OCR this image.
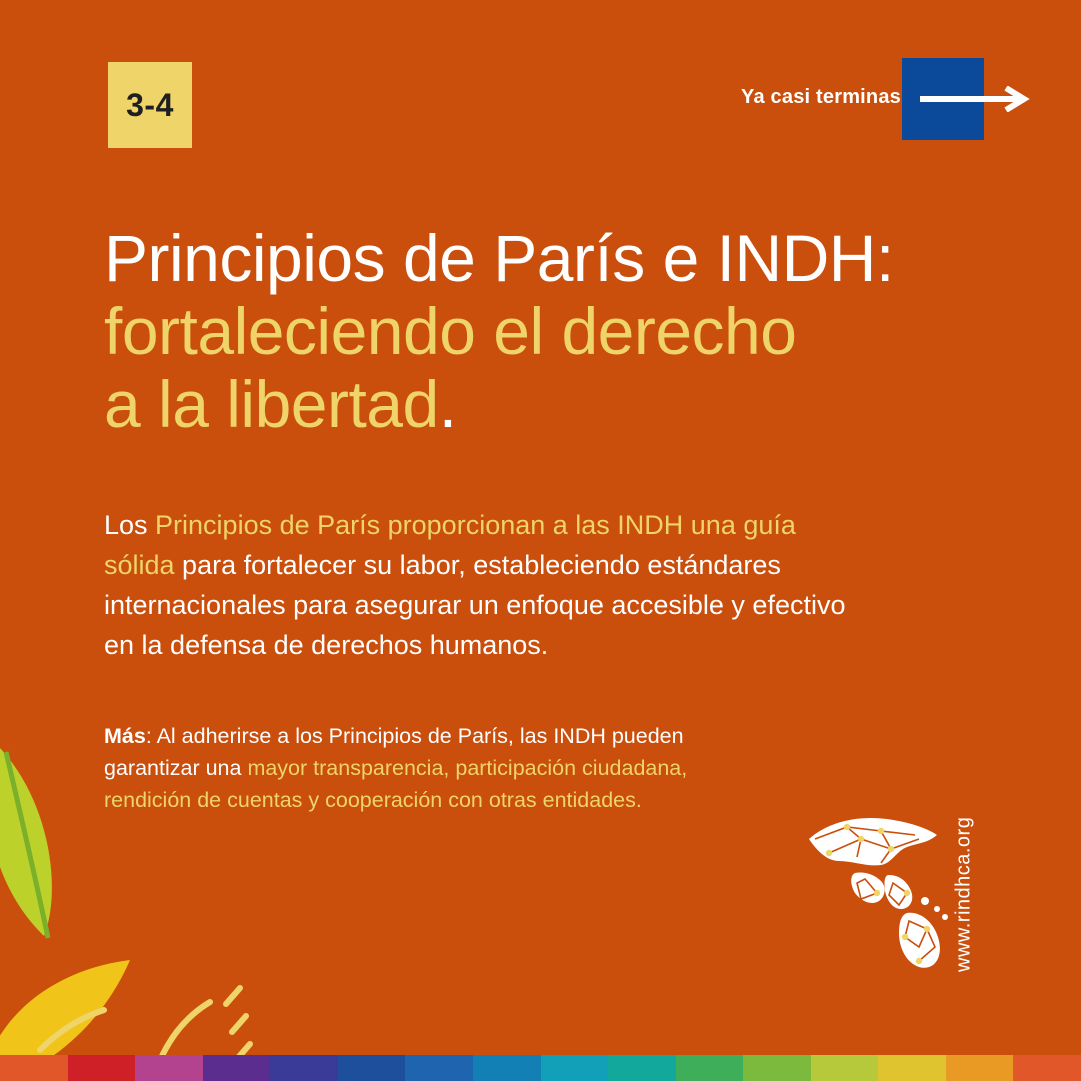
3-4	Ya casi terminas
Principios de París e INDH:
fortaleciendo el derecho
a la libertad.

Los Principios de París proporcionan a las INDH una guía sólida para fortalecer su labor, estableciendo estándares internacionales para asegurar un enfoque accesible y efectivo en la defensa de derechos humanos.

Más: Al adherirse a los Principios de París, las INDH pueden garantizar una mayor transparencia, participación ciudadana, rendición de cuentas y cooperación con otras entidades.

www.rindhca.org
